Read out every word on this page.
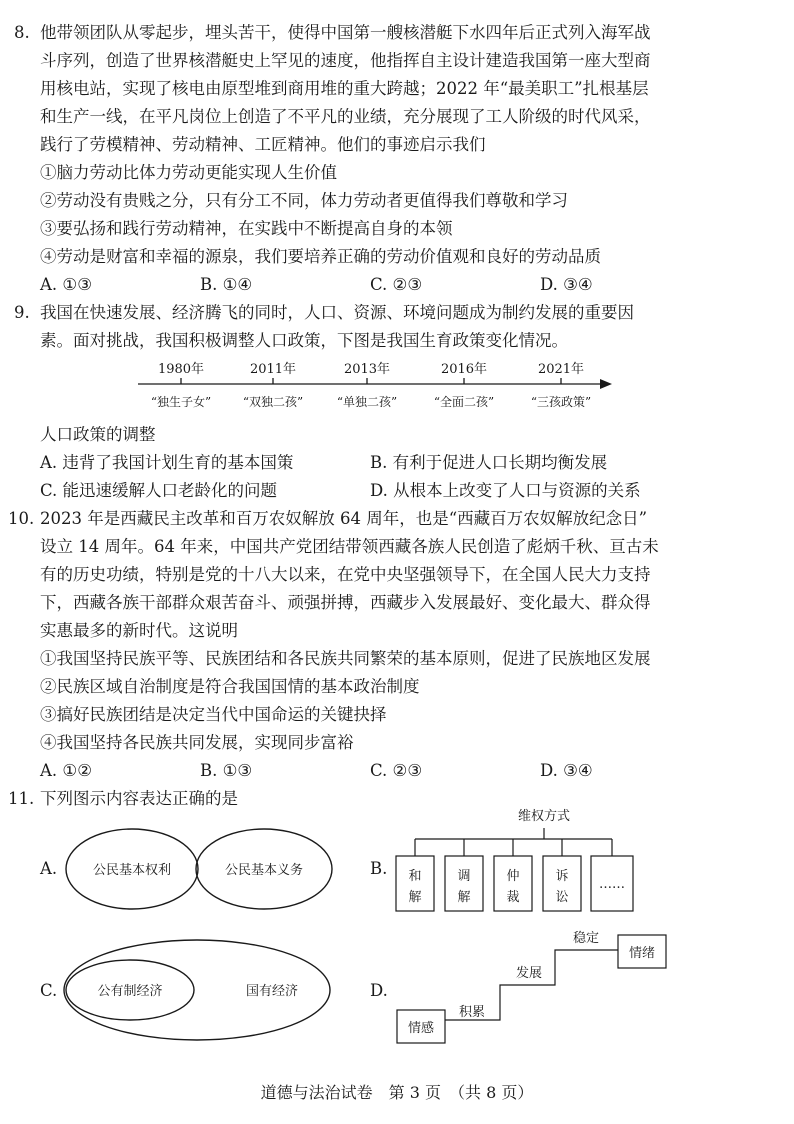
8. 他带领团队从零起步，埋头苦干，使得中国第一艘核潜艇下水四年后正式列入海军战
斗序列，创造了世界核潜艇史上罕见的速度，他指挥自主设计建造我国第一座大型商
用核电站，实现了核电由原型堆到商用堆的重大跨越；2022 年“最美职工”扎根基层
和生产一线，在平凡岗位上创造了不平凡的业绩，充分展现了工人阶级的时代风采，
践行了劳模精神、劳动精神、工匠精神。他们的事迹启示我们
①脑力劳动比体力劳动更能实现人生价值
②劳动没有贵贱之分，只有分工不同，体力劳动者更值得我们尊敬和学习
③要弘扬和践行劳动精神，在实践中不断提高自身的本领
④劳动是财富和幸福的源泉，我们要培养正确的劳动价值观和良好的劳动品质
A. ①③	B. ①④	C. ②③	D. ③④
9. 我国在快速发展、经济腾飞的同时，人口、资源、环境问题成为制约发展的重要因
素。面对挑战，我国积极调整人口政策，下图是我国生育政策变化情况。
1980年	2011年	2013年	2016年	2021年
“独生子女”	“双独二孩”	“单独二孩”	“全面二孩”	“三孩政策”
人口政策的调整
A. 违背了我国计划生育的基本国策	B. 有利于促进人口长期均衡发展
C. 能迅速缓解人口老龄化的问题	D. 从根本上改变了人口与资源的关系
10. 2023 年是西藏民主改革和百万农奴解放 64 周年，也是“西藏百万农奴解放纪念日”
设立 14 周年。64 年来，中国共产党团结带领西藏各族人民创造了彪炳千秋、亘古未
有的历史功绩，特别是党的十八大以来，在党中央坚强领导下，在全国人民大力支持
下，西藏各族干部群众艰苦奋斗、顽强拼搏，西藏步入发展最好、变化最大、群众得
实惠最多的新时代。这说明
①我国坚持民族平等、民族团结和各民族共同繁荣的基本原则，促进了民族地区发展
②民族区域自治制度是符合我国国情的基本政治制度
③搞好民族团结是决定当代中国命运的关键抉择
④我国坚持各民族共同发展，实现同步富裕
A. ①②	B. ①③	C. ②③	D. ③④
11. 下列图示内容表达正确的是
A.	公民基本权利	公民基本义务	B.
维权方式
和
解
调
解
仲
裁
诉
讼
……
C.	公有制经济	国有经济	D.
情感
积累
发展
稳定
情绪
道德与法治试卷　第 3 页　（共 8 页）
